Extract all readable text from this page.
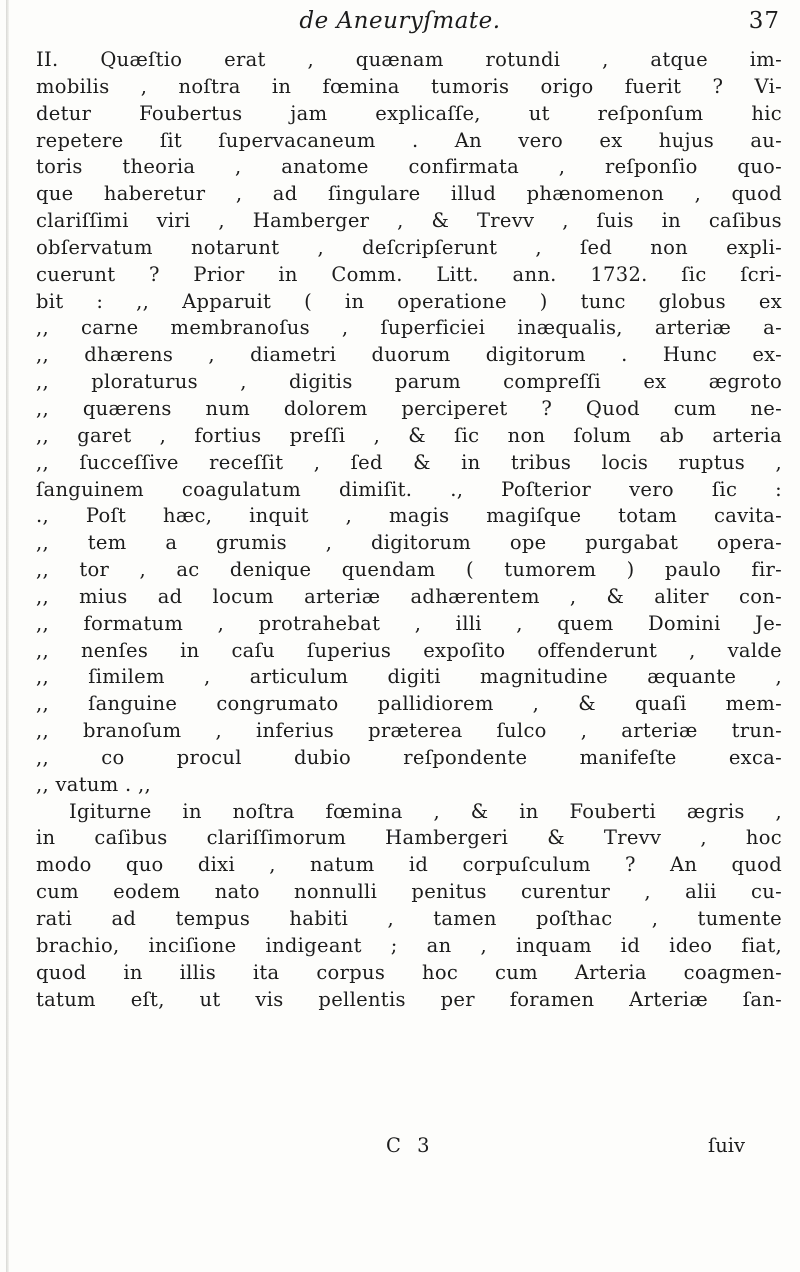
de Aneuryſmate.	37
II. Quæſtio erat , quænam rotundi , atque im-
mobilis , noſtra in fœmina tumoris origo fuerit ? Vi-
detur Foubertus jam explicaſſe, ut reſponſum hic
repetere ſit ſupervacaneum . An vero ex hujus au-
toris theoria , anatome confirmata , reſponſio quo-
que haberetur , ad ſingulare illud phænomenon , quod
clariſſimi viri , Hamberger , & Trevv , ſuis in caſibus
obſervatum notarunt , deſcripſerunt , ſed non expli-
cuerunt ? Prior in Comm. Litt. ann. 1732. ſic ſcri-
bit : ,, Apparuit ( in operatione ) tunc globus ex
,, carne membranoſus , ſuperficiei inæqualis, arteriæ a-
,, dhærens , diametri duorum digitorum . Hunc ex-
,, ploraturus , digitis parum compreſſi ex ægroto
,, quærens num dolorem perciperet ? Quod cum ne-
,, garet , fortius preſſi , & ſic non ſolum ab arteria
,, ſucceſſive receſſit , ſed & in tribus locis ruptus ,
ſanguinem coagulatum dimiſit. ., Poſterior vero ſic :
., Poſt hæc, inquit , magis magiſque totam cavita-
,, tem a grumis , digitorum ope purgabat opera-
,, tor , ac denique quendam ( tumorem ) paulo fir-
,, mius ad locum arteriæ adhærentem , & aliter con-
,, formatum , protrahebat , illi , quem Domini Je-
,, nenſes in caſu ſuperius expoſito offenderunt , valde
,, ſimilem , articulum digiti magnitudine æquante ,
,, ſanguine congrumato pallidiorem , & quaſi mem-
,, branoſum , inferius præterea ſulco , arteriæ trun-
,, co procul dubio reſpondente manifeſte exca-
,, vatum . ,,
Igiturne in noſtra fœmina , & in Fouberti ægris ,
in caſibus clariſſimorum Hambergeri & Trevv , hoc
modo quo dixi , natum id corpuſculum ? An quod
cum eodem nato nonnulli penitus curentur , alii cu-
rati ad tempus habiti , tamen poſthac , tumente
brachio, inciſione indigeant ; an , inquam id ideo fiat,
quod in illis ita corpus hoc cum Arteria coagmen-
tatum eſt, ut vis pellentis per foramen Arteriæ ſan-
C 3	ſuiv
